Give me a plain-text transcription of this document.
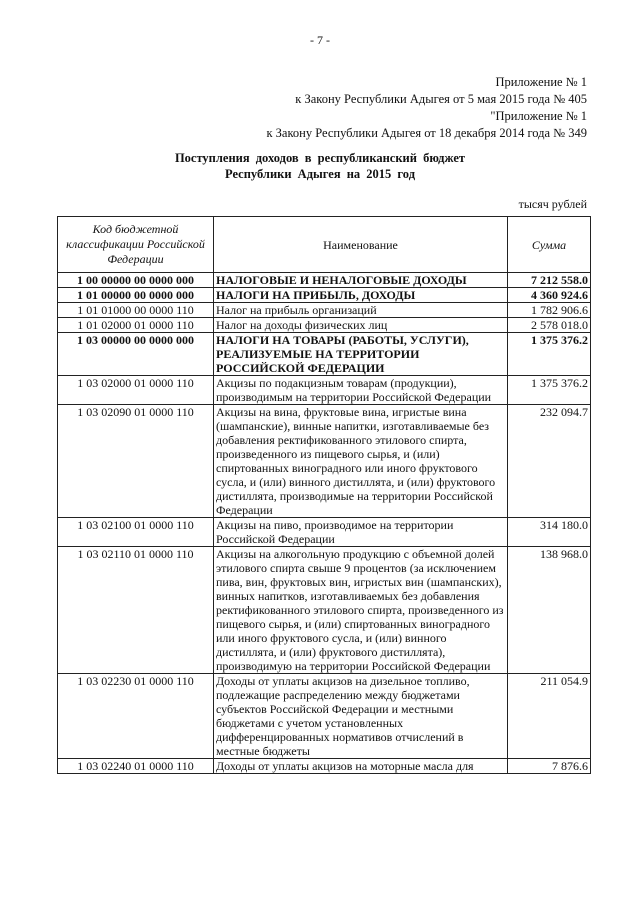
- 7 -
Приложение № 1
к Закону Республики Адыгея от 5 мая 2015 года № 405
"Приложение № 1
к Закону Республики Адыгея от 18 декабря 2014 года № 349
Поступления доходов в республиканский бюджет
Республики Адыгея на 2015 год
тысяч рублей
Код бюджетной классификации Российской Федерации	Наименование	Сумма
1 00 00000 00 0000 000	НАЛОГОВЫЕ И НЕНАЛОГОВЫЕ ДОХОДЫ	7 212 558.0
1 01 00000 00 0000 000	НАЛОГИ НА ПРИБЫЛЬ, ДОХОДЫ	4 360 924.6
1 01 01000 00 0000 110	Налог на прибыль организаций	1 782 906.6
1 01 02000 01 0000 110	Налог на доходы физических лиц	2 578 018.0
1 03 00000 00 0000 000	НАЛОГИ НА ТОВАРЫ (РАБОТЫ, УСЛУГИ), РЕАЛИЗУЕМЫЕ НА ТЕРРИТОРИИ РОССИЙСКОЙ ФЕДЕРАЦИИ	1 375 376.2
1 03 02000 01 0000 110	Акцизы по подакцизным товарам (продукции), производимым на территории Российской Федерации	1 375 376.2
1 03 02090 01 0000 110	Акцизы на вина, фруктовые вина, игристые вина (шампанские), винные напитки, изготавливаемые без добавления ректификованного этилового спирта, произведенного из пищевого сырья, и (или) спиртованных виноградного или иного фруктового сусла, и (или) винного дистиллята, и (или) фруктового дистиллята, производимые на территории Российской Федерации	232 094.7
1 03 02100 01 0000 110	Акцизы на пиво, производимое на территории Российской Федерации	314 180.0
1 03 02110 01 0000 110	Акцизы на алкогольную продукцию с объемной долей этилового спирта свыше 9 процентов (за исключением пива, вин, фруктовых вин, игристых вин (шампанских), винных напитков, изготавливаемых без добавления ректификованного этилового спирта, произведенного из пищевого сырья, и (или) спиртованных виноградного или иного фруктового сусла, и (или) винного дистиллята, и (или) фруктового дистиллята), производимую на территории Российской Федерации	138 968.0
1 03 02230 01 0000 110	Доходы от уплаты акцизов на дизельное топливо, подлежащие распределению между бюджетами субъектов Российской Федерации и местными бюджетами с учетом установленных дифференцированных нормативов отчислений в местные бюджеты	211 054.9
1 03 02240 01 0000 110	Доходы от уплаты акцизов на моторные масла для	7 876.6
